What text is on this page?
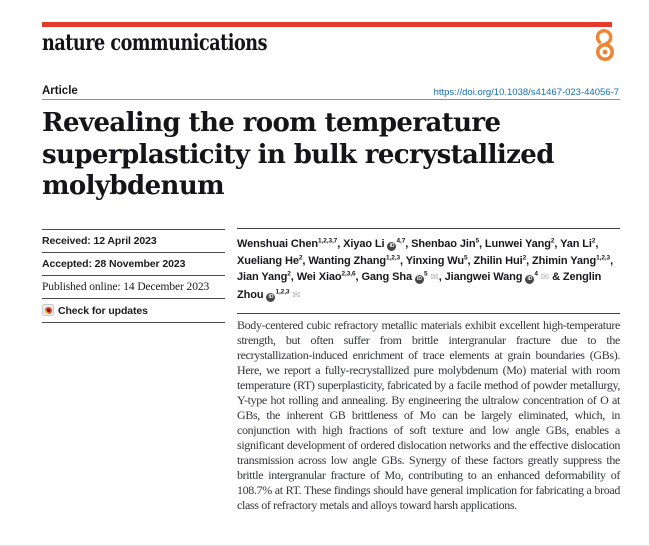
nature communications
Article	https://doi.org/10.1038/s41467-023-44056-7
Revealing the room temperature
superplasticity in bulk recrystallized
molybdenum
Received: 12 April 2023
Accepted: 28 November 2023
Published online: 14 December 2023
Check for updates
Wenshuai Chen$^{1,2,3,7}$, Xiyao Li iD$^{4,7}$, Shenbao Jin$^5$, Lunwei Yang$^2$, Yan Li$^2$, Xueliang He$^2$, Wanting Zhang$^{1,2,3}$, Yinxing Wu$^5$, Zhilin Hui$^2$, Zhimin Yang$^{1,2,3}$, Jian Yang$^2$, Wei Xiao$^{2,3,6}$, Gang Sha $iD^5$ ✉, Jiangwei Wang $iD^4$ ✉ & Zenglin Zhou iD$^{1,2,3}$ ✉
Body-centered cubic refractory metallic materials exhibit excellent high-temperature strength, but often suffer from brittle intergranular fracture due to the recrystallization-induced enrichment of trace elements at grain boundaries (GBs). Here, we report a fully-recrystallized pure molybdenum (Mo) material with room temperature (RT) superplasticity, fabricated by a facile method of powder metallurgy, Y-type hot rolling and annealing. By engineering the ultralow concentration of O at GBs, the inherent GB brittleness of Mo can be largely eliminated, which, in conjunction with high fractions of soft texture and low angle GBs, enables a significant development of ordered dislocation networks and the effective dislocation transmission across low angle GBs. Synergy of these factors greatly suppress the brittle intergranular fracture of Mo, contributing to an enhanced deformability of 108.7% at RT. These findings should have general implication for fabricating a broad class of refractory metals and alloys toward harsh applications.
